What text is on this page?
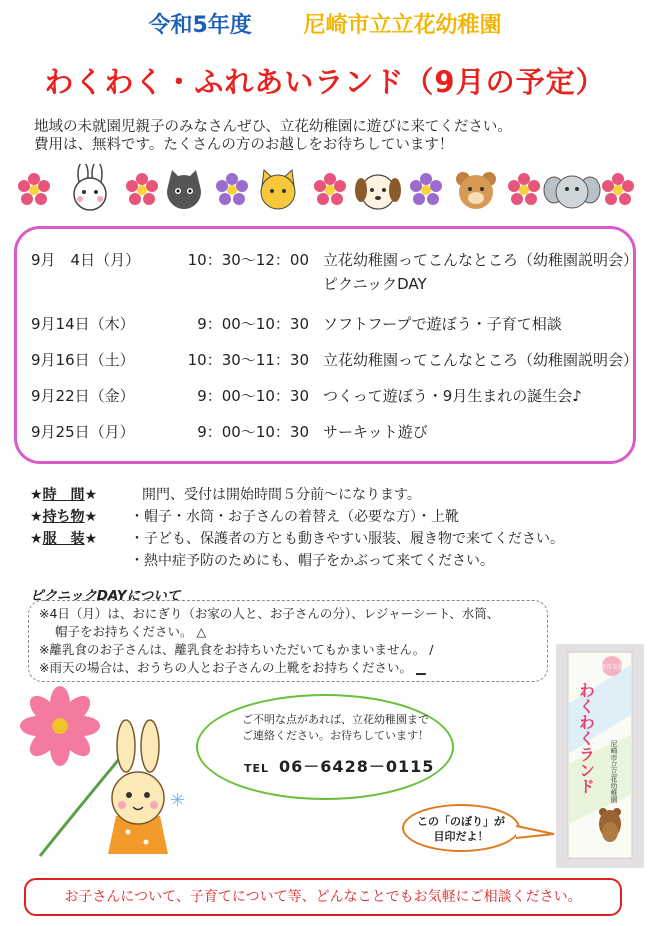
令和5年度 尼崎市立立花幼稚園
わくわく・ふれあいランド（9月の予定）

地域の未就園児親子のみなさんぜひ、立花幼稚園に遊びに来てください。

費用は、無料です。たくさんの方のお越しをお待ちしています！

9月　4日（月）	10：30～12：00 立花幼稚園ってこんなところ（幼稚園説明会）
ピクニックDAY
9月14日（木）	9：00～10：30 ソフトフープで遊ぼう・子育て相談
9月16日（土）	10：30～11：30 立花幼稚園ってこんなところ（幼稚園説明会）
9月22日（金）	9：00～10：30 つくって遊ぼう・9月生まれの誕生会♪
9月25日（月）	9：00～10：30 サーキット遊び
★時　間★	開門、受付は開始時間５分前～になります。
★持ち物★ ・帽子・水筒・お子さんの着替え（必要な方）・上靴
★服　装★ ・子ども、保護者の方とも動きやすい服装、履き物で来てください。
・熱中症予防のためにも、帽子をかぶって来てください。
ピクニックDAYについて

※4日（月）は、おにぎり（お家の人と、お子さんの分）、レジャーシート、水筒、

帽子をお持ちください。 △

※離乳食のお子さんは、離乳食をお持ちいただいてもかまいません。 ∕

※雨天の場合は、おうちの人とお子さんの上靴をお持ちください。 ▁

✳
ご不明な点があれば、立花幼稚園まで
ご連絡ください。お待ちしています！
TEL 06－6428－0115
この「のぼり」が
目印だよ！
保育支援
わくわくランド 尼崎市立立花幼稚園
お子さんについて、子育てについて等、どんなことでもお気軽にご相談ください。
